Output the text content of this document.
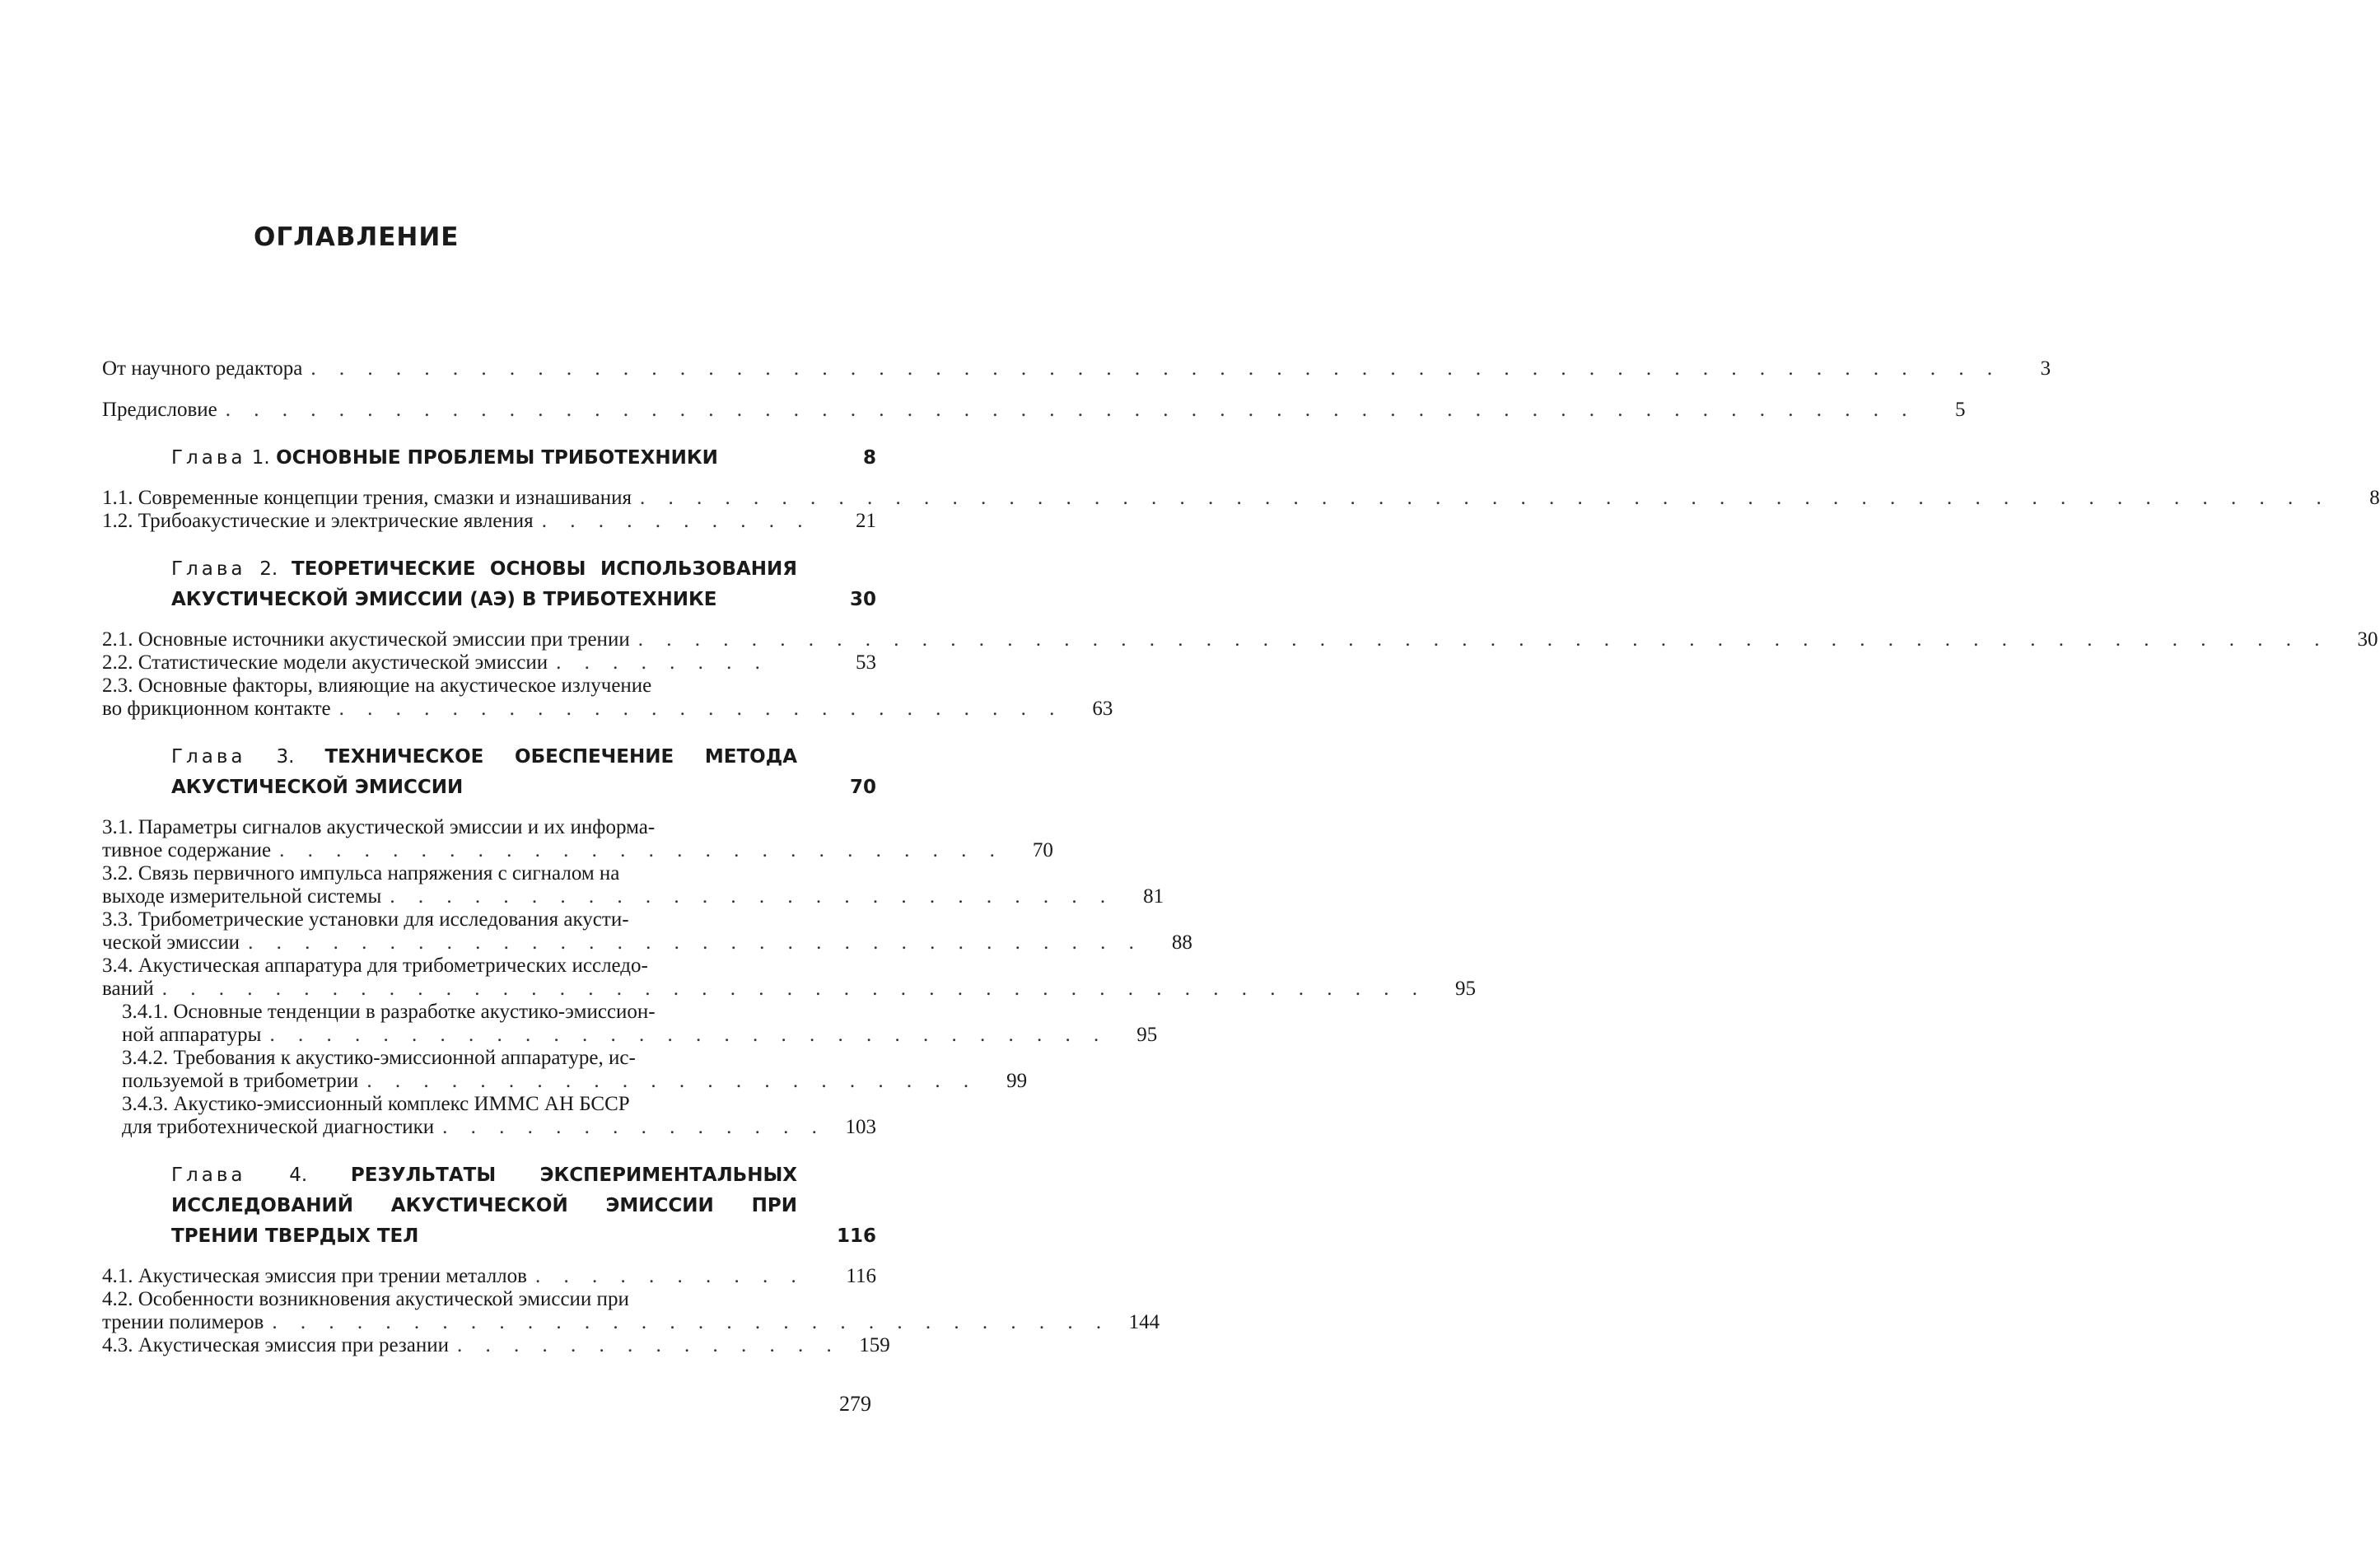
ОГЛАВЛЕНИЕ
От научного редактора . . . . . . . . . . . . . . . . . . . . . . . . . . . . . . . . . . . . . . . . . . . . . . . . . . . . . . . . . . . .	3
Предисловие . . . . . . . . . . . . . . . . . . . . . . . . . . . . . . . . . . . . . . . . . . . . . . . . . . . . . . . . . . . .	5
Глава 1. ОСНОВНЫЕ ПРОБЛЕМЫ ТРИБОТЕХНИКИ	8
1.1. Современные концепции трения, смазки и изнашивания . . . . . . . . . . . . . . . . . . . . . . . . . . . . . . . . . . . . . . . . . . . . . . . . . . . . . . . . . . . .	8
1.2. Трибоакустические и электрические явления . . . . . . . . . .	21
Глава 2. ТЕОРЕТИЧЕСКИЕ ОСНОВЫ ИСПОЛЬЗОВАНИЯ АКУСТИЧЕСКОЙ ЭМИССИИ (АЭ) В ТРИБОТЕХНИКЕ	30
2.1. Основные источники акустической эмиссии при трении . . . . . . . . . . . . . . . . . . . . . . . . . . . . . . . . . . . . . . . . . . . . . . . . . . . . . . . . . . . .	30
2.2. Статистические модели акустической эмиссии . . . . . . . .	53
2.3. Основные факторы, влияющие на акустическое излучение
во фрикционном контакте . . . . . . . . . . . . . . . . . . . . . . . . . .	63
Глава 3. ТЕХНИЧЕСКОЕ ОБЕСПЕЧЕНИЕ МЕТОДА АКУСТИЧЕСКОЙ ЭМИССИИ	70
3.1. Параметры сигналов акустической эмиссии и их информа-
тивное содержание . . . . . . . . . . . . . . . . . . . . . . . . . .	70
3.2. Связь первичного импульса напряжения с сигналом на
выходе измерительной системы . . . . . . . . . . . . . . . . . . . . . . . . . .	81
3.3. Трибометрические установки для исследования акусти-
ческой эмиссии . . . . . . . . . . . . . . . . . . . . . . . . . . . . . . . .	88
3.4. Акустическая аппаратура для трибометрических исследо-
ваний . . . . . . . . . . . . . . . . . . . . . . . . . . . . . . . . . . . . . . . . . . . . .	95
3.4.1. Основные тенденции в разработке акустико-эмиссион-
ной аппаратуры . . . . . . . . . . . . . . . . . . . . . . . . . . . . . .	95
3.4.2. Требования к акустико-эмиссионной аппаратуре, ис-
пользуемой в трибометрии . . . . . . . . . . . . . . . . . . . . . .	99
3.4.3. Акустико-эмиссионный комплекс ИММС АН БССР
для триботехнической диагностики . . . . . . . . . . . . . . 103
Глава 4. РЕЗУЛЬТАТЫ ЭКСПЕРИМЕНТАЛЬНЫХ ИССЛЕДОВАНИЙ АКУСТИЧЕСКОЙ ЭМИССИИ ПРИ ТРЕНИИ ТВЕРДЫХ ТЕЛ	116
4.1. Акустическая эмиссия при трении металлов . . . . . . . . . .	116
4.2. Особенности возникновения акустической эмиссии при
трении полимеров . . . . . . . . . . . . . . . . . . . . . . . . . . . . . . 144
4.3. Акустическая эмиссия при резании . . . . . . . . . . . . . . 159
279
